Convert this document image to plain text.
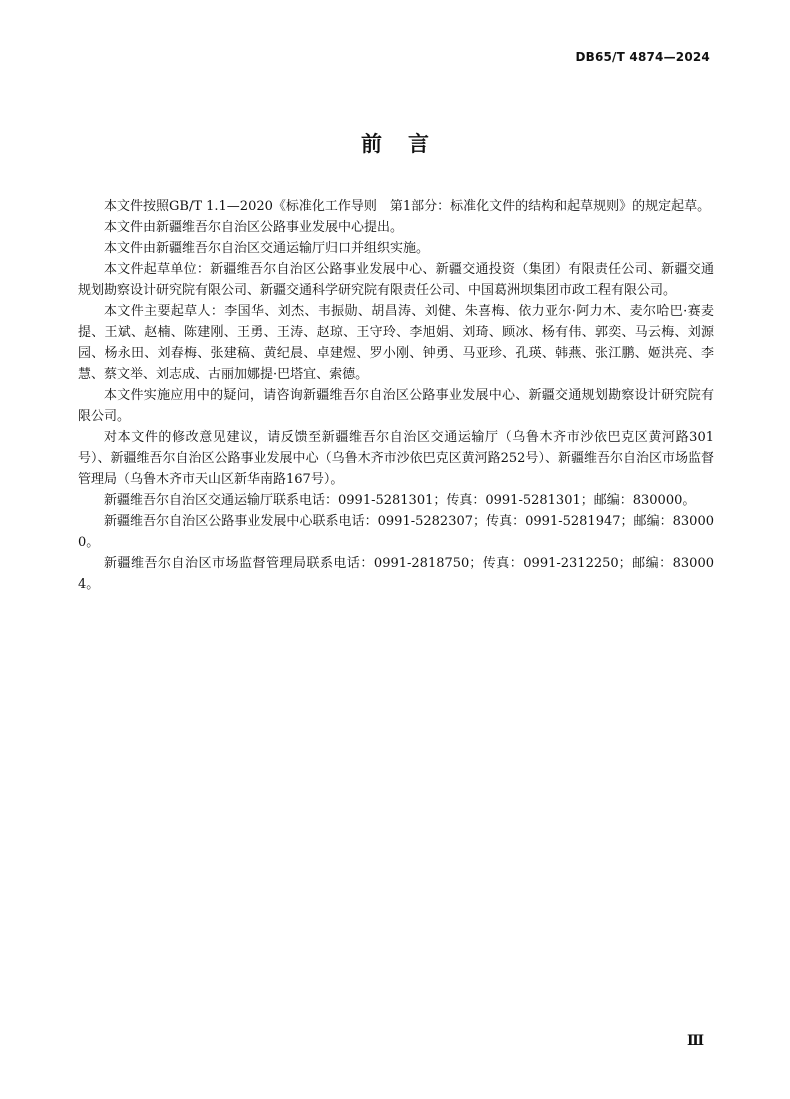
DB65/T 4874—2024
前言

本文件按照GB/T 1.1—2020《标准化工作导则　第1部分：标准化文件的结构和起草规则》的规定起草。

本文件由新疆维吾尔自治区公路事业发展中心提出。

本文件由新疆维吾尔自治区交通运输厅归口并组织实施。

本文件起草单位：新疆维吾尔自治区公路事业发展中心、新疆交通投资（集团）有限责任公司、新疆交通规划勘察设计研究院有限公司、新疆交通科学研究院有限责任公司、中国葛洲坝集团市政工程有限公司。

本文件主要起草人：李国华、刘杰、韦振勋、胡昌涛、刘健、朱喜梅、依力亚尔·阿力木、麦尔哈巴·赛麦提、王斌、赵楠、陈建刚、王勇、王涛、赵琼、王守玲、李旭娟、刘琦、顾冰、杨有伟、郭奕、马云梅、刘源园、杨永田、刘春梅、张建稿、黄纪晨、卓建煜、罗小刚、钟勇、马亚珍、孔瑛、韩燕、张江鹏、姬洪亮、李慧、蔡文举、刘志成、古丽加娜提·巴塔宜、索德。

本文件实施应用中的疑问，请咨询新疆维吾尔自治区公路事业发展中心、新疆交通规划勘察设计研究院有限公司。

对本文件的修改意见建议，请反馈至新疆维吾尔自治区交通运输厅（乌鲁木齐市沙依巴克区黄河路301号）、新疆维吾尔自治区公路事业发展中心（乌鲁木齐市沙依巴克区黄河路252号）、新疆维吾尔自治区市场监督管理局（乌鲁木齐市天山区新华南路167号）。

新疆维吾尔自治区交通运输厅联系电话：0991-5281301；传真：0991-5281301；邮编：830000。

新疆维吾尔自治区公路事业发展中心联系电话：0991-5282307；传真：0991-5281947；邮编：830000。

新疆维吾尔自治区市场监督管理局联系电话：0991-2818750；传真：0991-2312250；邮编：830004。

Ⅲ
